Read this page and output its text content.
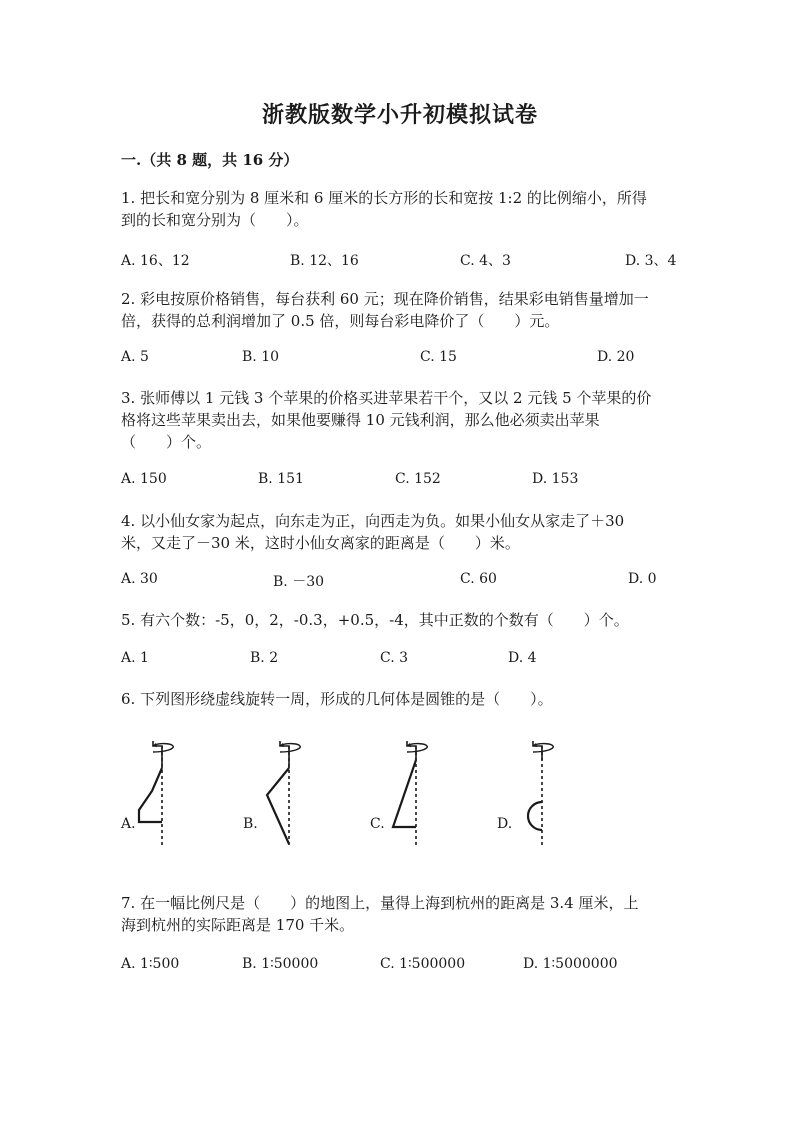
浙教版数学小升初模拟试卷
一.（共 8 题，共 16 分）
1. 把长和宽分别为 8 厘米和 6 厘米的长方形的长和宽按 1:2 的比例缩小，所得
到的长和宽分别为（　　）。
A. 16、12	B. 12、16	C. 4、3	D. 3、4
2. 彩电按原价格销售，每台获利 60 元；现在降价销售，结果彩电销售量增加一
倍，获得的总利润增加了 0.5 倍，则每台彩电降价了（　　）元。
A. 5	B. 10	C. 15	D. 20
3. 张师傅以 1 元钱 3 个苹果的价格买进苹果若干个，又以 2 元钱 5 个苹果的价
格将这些苹果卖出去，如果他要赚得 10 元钱利润，那么他必须卖出苹果
（　　）个。
A. 150	B. 151	C. 152	D. 153
4. 以小仙女家为起点，向东走为正，向西走为负。如果小仙女从家走了＋30
米，又走了－30 米，这时小仙女离家的距离是（　　）米。
A. 30	B. －30	C. 60	D. 0
5. 有六个数：-5，0，2，-0.3，+0.5，-4，其中正数的个数有（　　）个。
A. 1	B. 2	C. 3	D. 4
6. 下列图形绕虚线旋转一周，形成的几何体是圆锥的是（　　）。
A.	B.	C.	D.
7. 在一幅比例尺是（　　）的地图上，量得上海到杭州的距离是 3.4 厘米，上
海到杭州的实际距离是 170 千米。
A. 1∶500	B. 1∶50000	C. 1∶500000	D. 1∶5000000
